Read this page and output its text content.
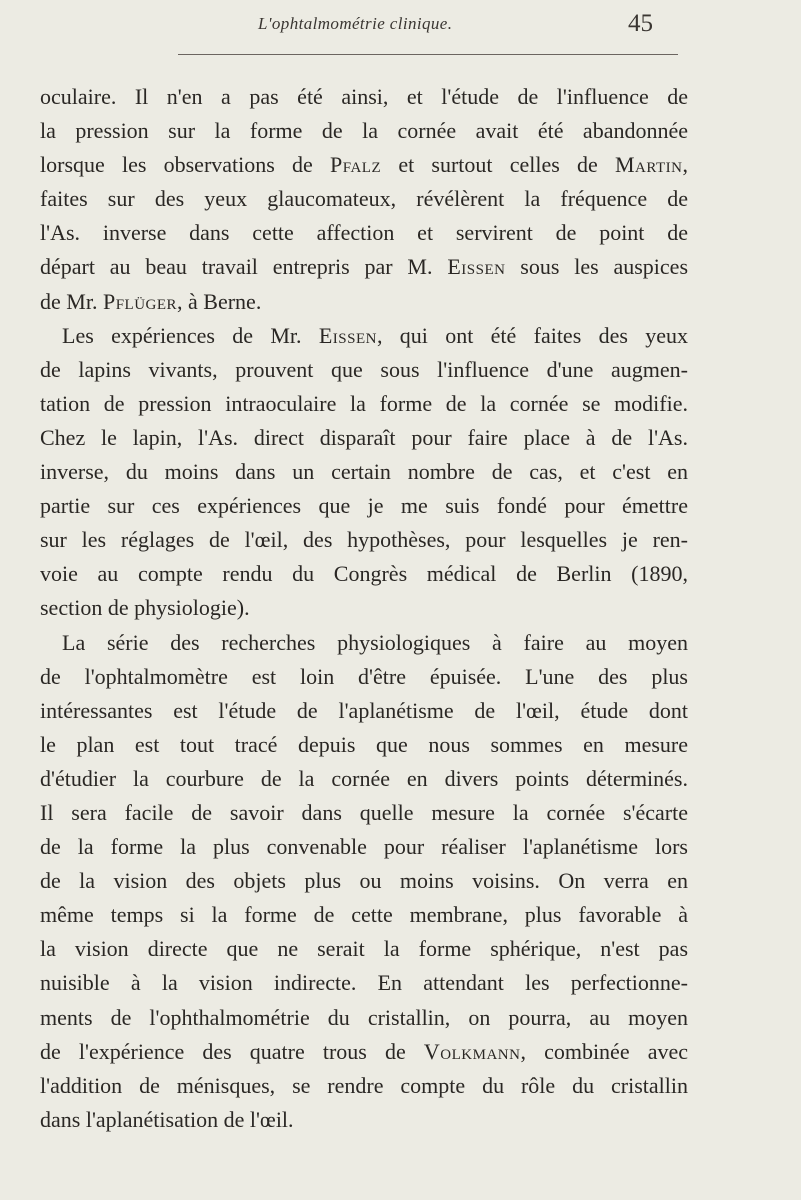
L'ophtalmométrie clinique.	45
oculaire. Il n'en a pas été ainsi, et l'étude de l'influence de
la pression sur la forme de la cornée avait été abandonnée
lorsque les observations de Pfalz et surtout celles de Martin,
faites sur des yeux glaucomateux, révélèrent la fréquence de
l'As. inverse dans cette affection et servirent de point de
départ au beau travail entrepris par M. Eissen sous les auspices
de Mr. Pflüger, à Berne.
Les expériences de Mr. Eissen, qui ont été faites des yeux
de lapins vivants, prouvent que sous l'influence d'une augmen-
tation de pression intraoculaire la forme de la cornée se modifie.
Chez le lapin, l'As. direct disparaît pour faire place à de l'As.
inverse, du moins dans un certain nombre de cas, et c'est en
partie sur ces expériences que je me suis fondé pour émettre
sur les réglages de l'œil, des hypothèses, pour lesquelles je ren-
voie au compte rendu du Congrès médical de Berlin (1890,
section de physiologie).
La série des recherches physiologiques à faire au moyen
de l'ophtalmomètre est loin d'être épuisée. L'une des plus
intéressantes est l'étude de l'aplanétisme de l'œil, étude dont
le plan est tout tracé depuis que nous sommes en mesure
d'étudier la courbure de la cornée en divers points déterminés.
Il sera facile de savoir dans quelle mesure la cornée s'écarte
de la forme la plus convenable pour réaliser l'aplanétisme lors
de la vision des objets plus ou moins voisins. On verra en
même temps si la forme de cette membrane, plus favorable à
la vision directe que ne serait la forme sphérique, n'est pas
nuisible à la vision indirecte. En attendant les perfectionne-
ments de l'ophthalmométrie du cristallin, on pourra, au moyen
de l'expérience des quatre trous de Volkmann, combinée avec
l'addition de ménisques, se rendre compte du rôle du cristallin
dans l'aplanétisation de l'œil.
